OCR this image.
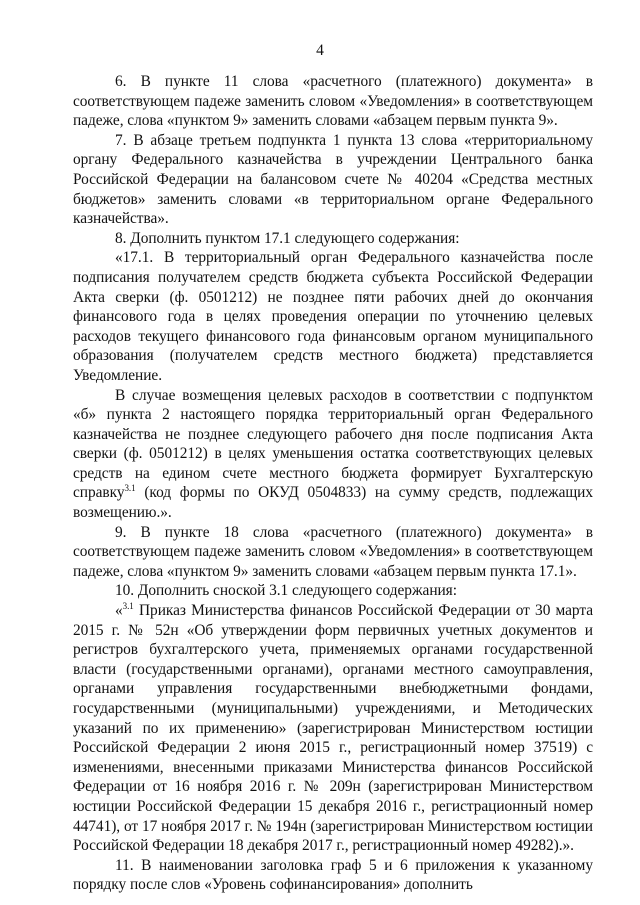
4

6. В пункте 11 слова «расчетного (платежного) документа» в соответствующем падеже заменить словом «Уведомления» в соответствующем падеже, слова «пунктом 9» заменить словами «абзацем первым пункта 9».

7. В абзаце третьем подпункта 1 пункта 13 слова «территориальному органу Федерального казначейства в учреждении Центрального банка Российской Федерации на балансовом счете № 40204 «Средства местных бюджетов» заменить словами «в территориальном органе Федерального казначейства».

8. Дополнить пунктом 17.1 следующего содержания:

«17.1. В территориальный орган Федерального казначейства после подписания получателем средств бюджета субъекта Российской Федерации Акта сверки (ф. 0501212) не позднее пяти рабочих дней до окончания финансового года в целях проведения операции по уточнению целевых расходов текущего финансового года финансовым органом муниципального образования (получателем средств местного бюджета) представляется Уведомление.

В случае возмещения целевых расходов в соответствии с подпунктом «б» пункта 2 настоящего порядка территориальный орган Федерального казначейства не позднее следующего рабочего дня после подписания Акта сверки (ф. 0501212) в целях уменьшения остатка соответствующих целевых средств на едином счете местного бюджета формирует Бухгалтерскую справку$^{3.1}$ (код формы по ОКУД 0504833) на сумму средств, подлежащих возмещению.».

9. В пункте 18 слова «расчетного (платежного) документа» в соответствующем падеже заменить словом «Уведомления» в соответствующем падеже, слова «пунктом 9» заменить словами «абзацем первым пункта 17.1».

10. Дополнить сноской 3.1 следующего содержания:

«$^{3.1}$ Приказ Министерства финансов Российской Федерации от 30 марта 2015 г. № 52н «Об утверждении форм первичных учетных документов и регистров бухгалтерского учета, применяемых органами государственной власти (государственными органами), органами местного самоуправления, органами управления государственными внебюджетными фондами, государственными (муниципальными) учреждениями, и Методических указаний по их применению» (зарегистрирован Министерством юстиции Российской Федерации 2 июня 2015 г., регистрационный номер 37519) с изменениями, внесенными приказами Министерства финансов Российской Федерации от 16 ноября 2016 г. № 209н (зарегистрирован Министерством юстиции Российской Федерации 15 декабря 2016 г., регистрационный номер 44741), от 17 ноября 2017 г. № 194н (зарегистрирован Министерством юстиции Российской Федерации 18 декабря 2017 г., регистрационный номер 49282).».

11. В наименовании заголовка граф 5 и 6 приложения к указанному порядку после слов «Уровень софинансирования» дополнить
